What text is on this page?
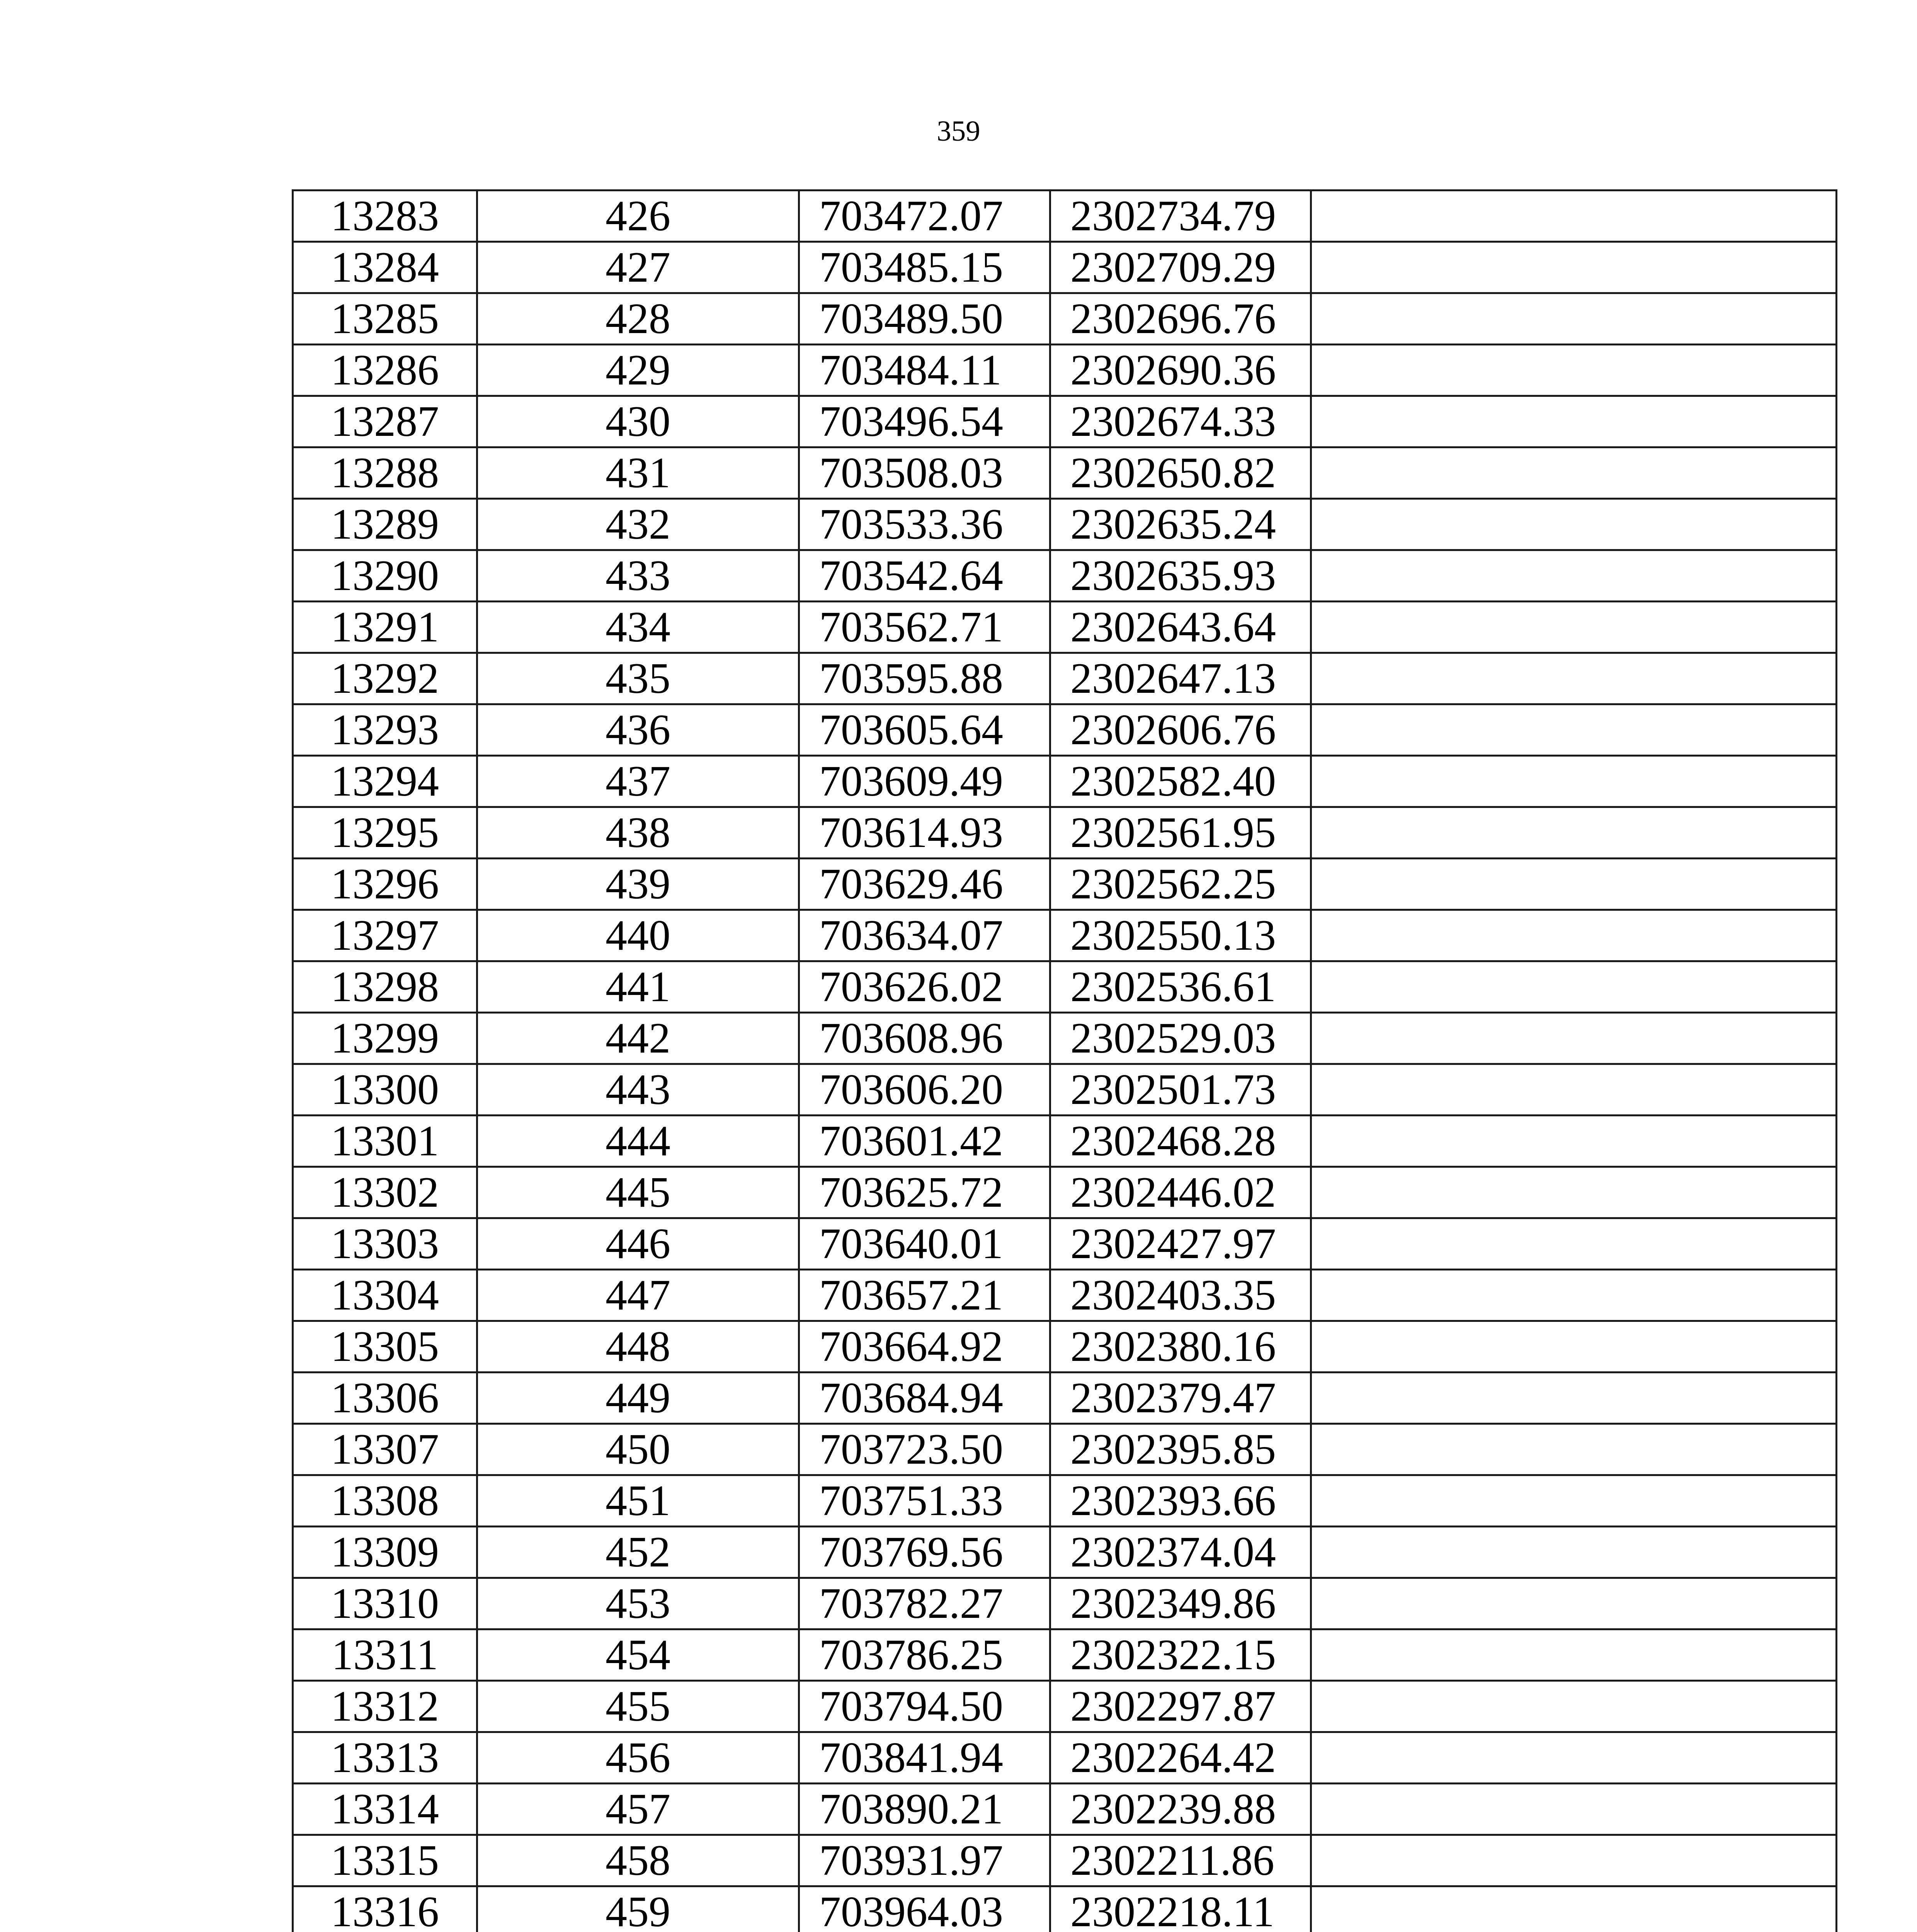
359
13283	426	703472.07	2302734.79	
13284	427	703485.15	2302709.29	
13285	428	703489.50	2302696.76	
13286	429	703484.11	2302690.36	
13287	430	703496.54	2302674.33	
13288	431	703508.03	2302650.82	
13289	432	703533.36	2302635.24	
13290	433	703542.64	2302635.93	
13291	434	703562.71	2302643.64	
13292	435	703595.88	2302647.13	
13293	436	703605.64	2302606.76	
13294	437	703609.49	2302582.40	
13295	438	703614.93	2302561.95	
13296	439	703629.46	2302562.25	
13297	440	703634.07	2302550.13	
13298	441	703626.02	2302536.61	
13299	442	703608.96	2302529.03	
13300	443	703606.20	2302501.73	
13301	444	703601.42	2302468.28	
13302	445	703625.72	2302446.02	
13303	446	703640.01	2302427.97	
13304	447	703657.21	2302403.35	
13305	448	703664.92	2302380.16	
13306	449	703684.94	2302379.47	
13307	450	703723.50	2302395.85	
13308	451	703751.33	2302393.66	
13309	452	703769.56	2302374.04	
13310	453	703782.27	2302349.86	
13311	454	703786.25	2302322.15	
13312	455	703794.50	2302297.87	
13313	456	703841.94	2302264.42	
13314	457	703890.21	2302239.88	
13315	458	703931.97	2302211.86	
13316	459	703964.03	2302218.11	
